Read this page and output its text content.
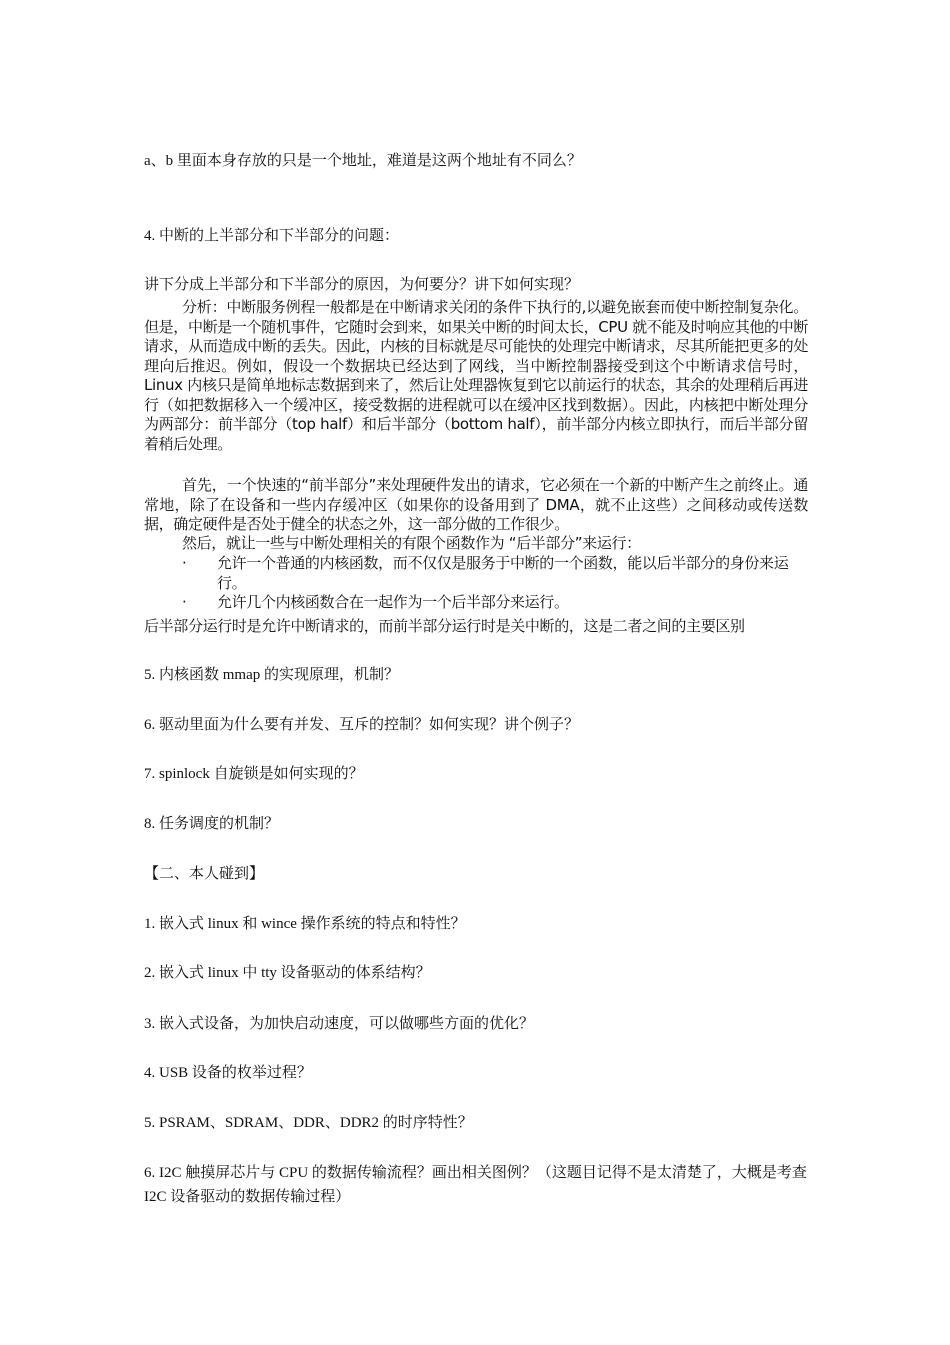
a、b 里面本身存放的只是一个地址，难道是这两个地址有不同么？
4. 中断的上半部分和下半部分的问题：
讲下分成上半部分和下半部分的原因，为何要分？讲下如何实现？
分析：中断服务例程一般都是在中断请求关闭的条件下执行的,以避免嵌套而使中断控制复杂化。但是，中断是一个随机事件，它随时会到来，如果关中断的时间太长，CPU 就不能及时响应其他的中断请求，从而造成中断的丢失。因此，内核的目标就是尽可能快的处理完中断请求，尽其所能把更多的处理向后推迟。例如，假设一个数据块已经达到了网线，当中断控制器接受到这个中断请求信号时，Linux 内核只是简单地标志数据到来了，然后让处理器恢复到它以前运行的状态，其余的处理稍后再进行（如把数据移入一个缓冲区，接受数据的进程就可以在缓冲区找到数据）。因此，内核把中断处理分为两部分：前半部分（top half）和后半部分（bottom half），前半部分内核立即执行，而后半部分留着稍后处理。
首先，一个快速的“前半部分”来处理硬件发出的请求，它必须在一个新的中断产生之前终止。通常地，除了在设备和一些内存缓冲区（如果你的设备用到了 DMA，就不止这些）之间移动或传送数据，确定硬件是否处于健全的状态之外，这一部分做的工作很少。
然后，就让一些与中断处理相关的有限个函数作为 “后半部分”来运行：
· 允许一个普通的内核函数，而不仅仅是服务于中断的一个函数，能以后半部分的身份来运行。
· 允许几个内核函数合在一起作为一个后半部分来运行。
后半部分运行时是允许中断请求的，而前半部分运行时是关中断的，这是二者之间的主要区别
5. 内核函数 mmap 的实现原理，机制？
6. 驱动里面为什么要有并发、互斥的控制？如何实现？讲个例子？
7. spinlock 自旋锁是如何实现的？
8. 任务调度的机制？
【二、本人碰到】
1. 嵌入式 linux 和 wince 操作系统的特点和特性？
2. 嵌入式 linux 中 tty 设备驱动的体系结构？
3. 嵌入式设备，为加快启动速度，可以做哪些方面的优化？
4. USB 设备的枚举过程？
5. PSRAM、SDRAM、DDR、DDR2 的时序特性？
6. I2C 触摸屏芯片与 CPU 的数据传输流程？画出相关图例？（这题目记得不是太清楚了，大概是考查 I2C 设备驱动的数据传输过程）
